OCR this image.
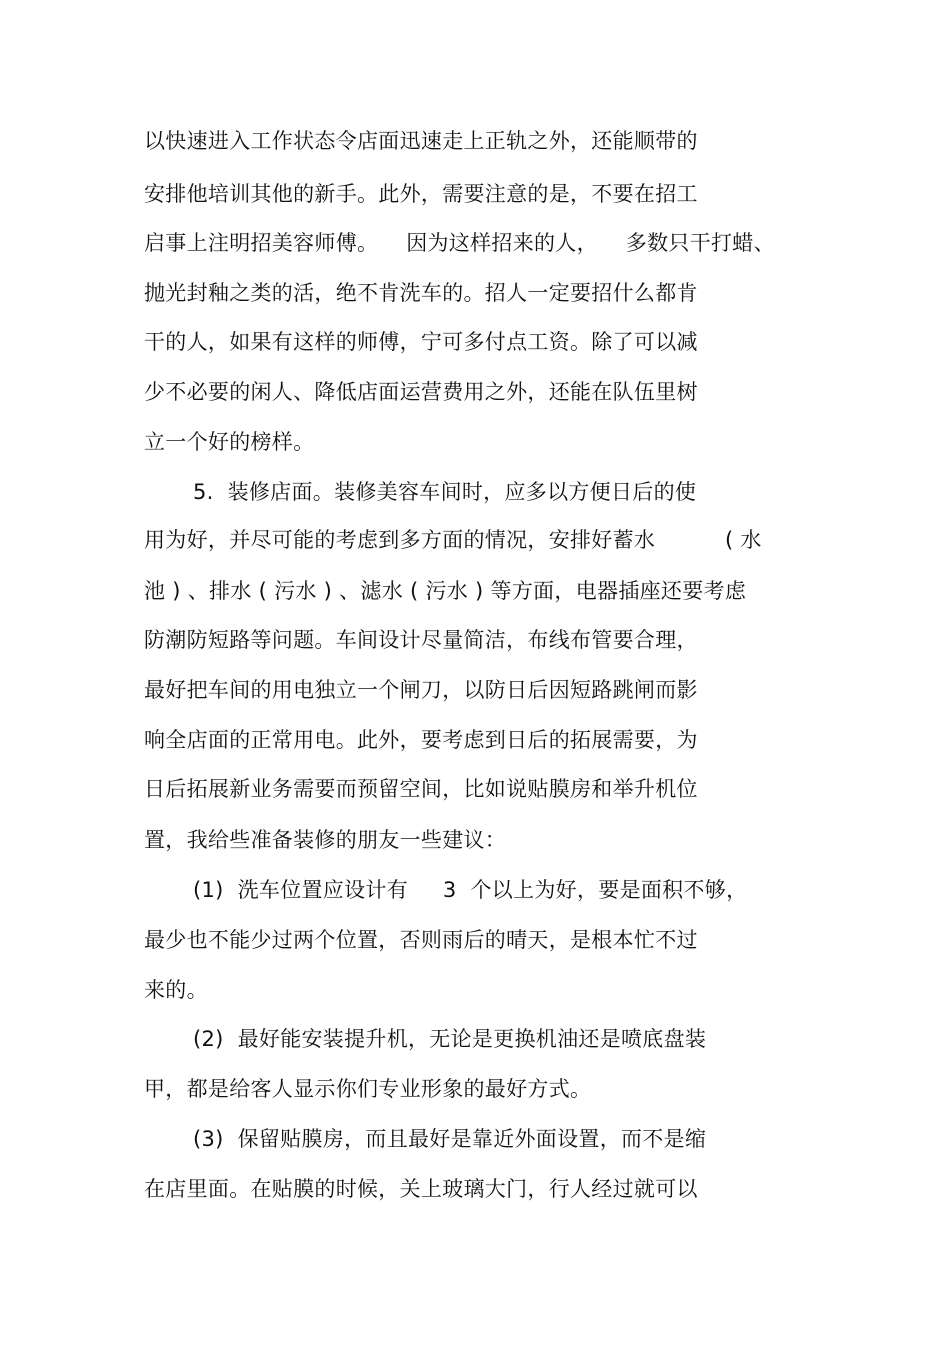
以快速进入工作状态令店面迅速走上正轨之外，还能顺带的
安排他培训其他的新手。此外，需要注意的是，不要在招工
启事上注明招美容师傅。    因为这样招来的人，    多数只干打蜡、
抛光封釉之类的活，绝不肯洗车的。招人一定要招什么都肯
干的人，如果有这样的师傅，宁可多付点工资。除了可以减
少不必要的闲人、降低店面运营费用之外，还能在队伍里树
立一个好的榜样。
5.  装修店面。装修美容车间时，应多以方便日后的使
用为好，并尽可能的考虑到多方面的情况，安排好蓄水          ( 水
池 ) 、排水 ( 污水 ) 、滤水 ( 污水 ) 等方面，电器插座还要考虑
防潮防短路等问题。车间设计尽量简洁，布线布管要合理，
最好把车间的用电独立一个闸刀，以防日后因短路跳闸而影
响全店面的正常用电。此外，要考虑到日后的拓展需要，为
日后拓展新业务需要而预留空间，比如说贴膜房和举升机位
置，我给些准备装修的朋友一些建议：
(1)  洗车位置应设计有     3  个以上为好，要是面积不够，
最少也不能少过两个位置，否则雨后的晴天，是根本忙不过
来的。
(2)  最好能安装提升机，无论是更换机油还是喷底盘装
甲，都是给客人显示你们专业形象的最好方式。
(3)  保留贴膜房，而且最好是靠近外面设置，而不是缩
在店里面。在贴膜的时候，关上玻璃大门，行人经过就可以
